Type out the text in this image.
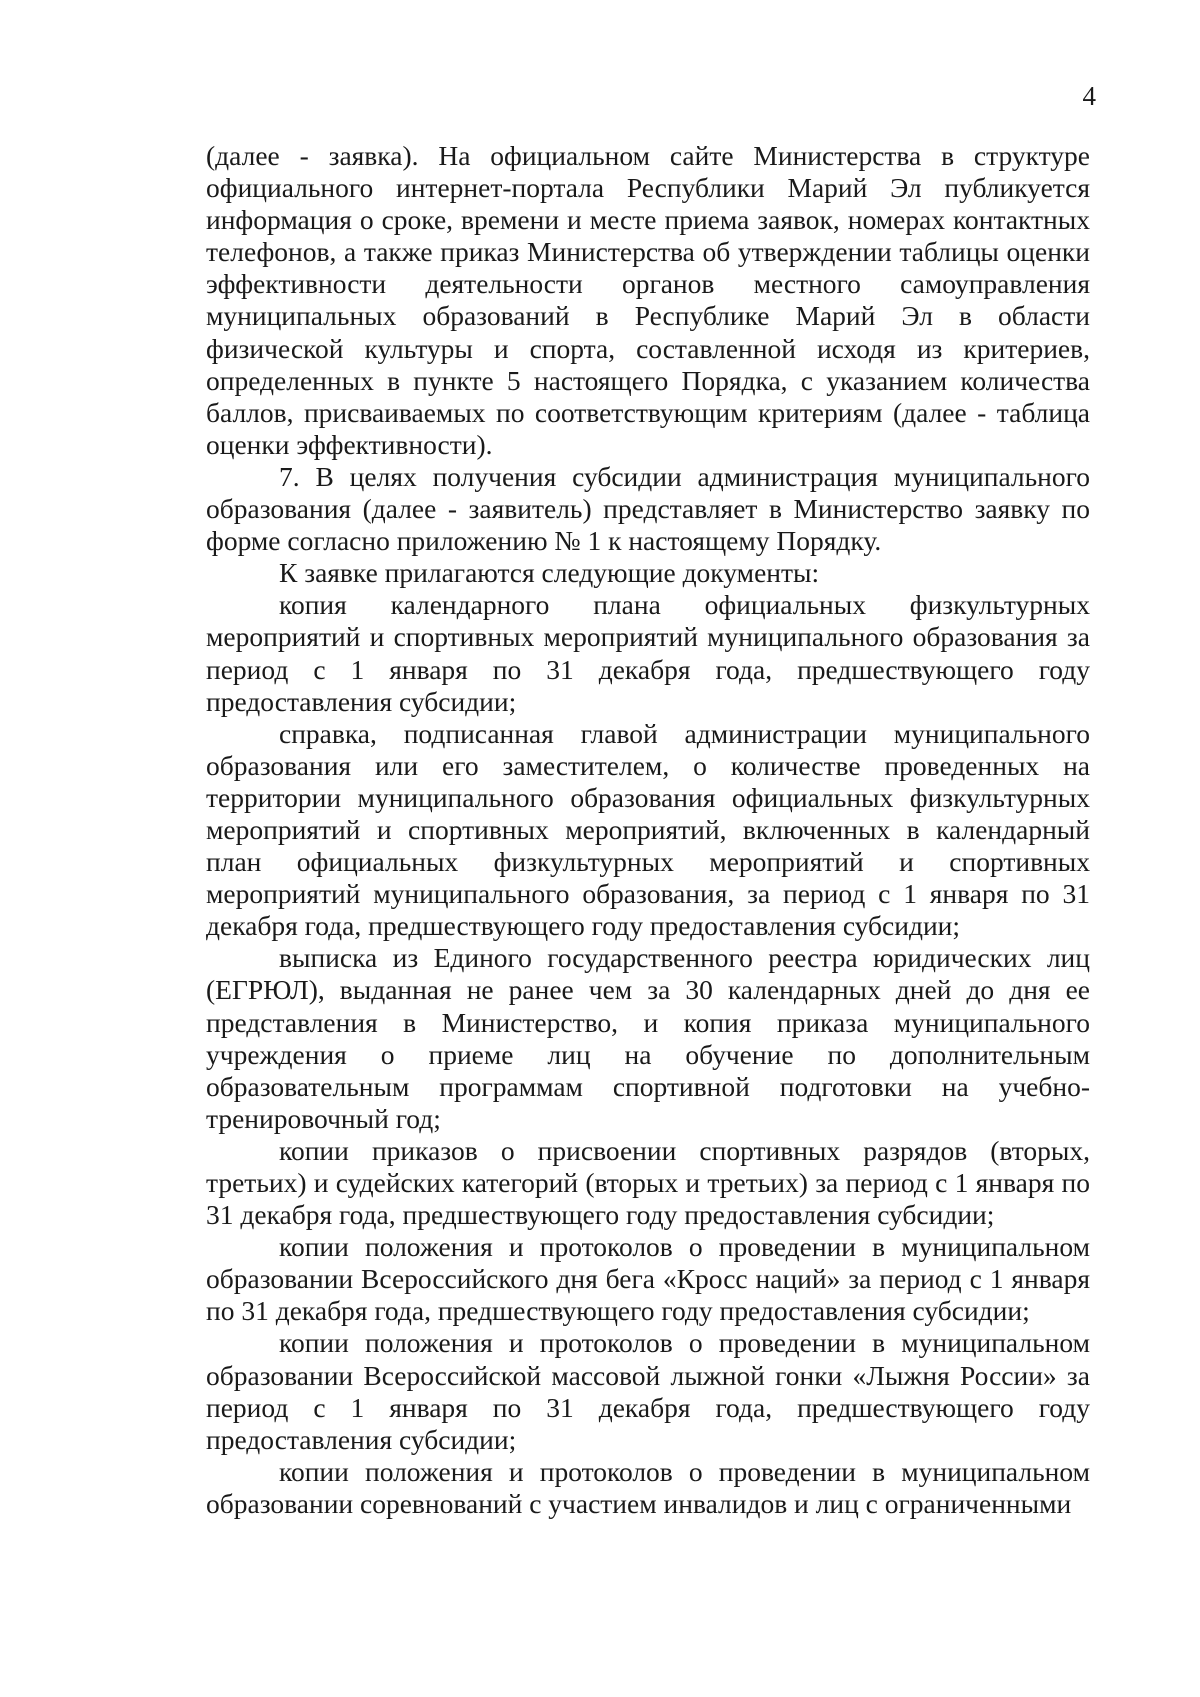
4

(далее - заявка). На официальном сайте Министерства в структуре официального интернет-портала Республики Марий Эл публикуется информация о сроке, времени и месте приема заявок, номерах контактных телефонов, а также приказ Министерства об утверждении таблицы оценки эффективности деятельности органов местного самоуправления муниципальных образований в Республике Марий Эл в области физической культуры и спорта, составленной исходя из критериев, определенных в пункте 5 настоящего Порядка, с указанием количества баллов, присваиваемых по соответствующим критериям (далее - таблица оценки эффективности).

7. В целях получения субсидии администрация муниципального образования (далее - заявитель) представляет в Министерство заявку по форме согласно приложению № 1 к настоящему Порядку.

К заявке прилагаются следующие документы:

копия календарного плана официальных физкультурных мероприятий и спортивных мероприятий муниципального образования за период с 1 января по 31 декабря года, предшествующего году предоставления субсидии;

справка, подписанная главой администрации муниципального образования или его заместителем, о количестве проведенных на территории муниципального образования официальных физкультурных мероприятий и спортивных мероприятий, включенных в календарный план официальных физкультурных мероприятий и спортивных мероприятий муниципального образования, за период с 1 января по 31 декабря года, предшествующего году предоставления субсидии;

выписка из Единого государственного реестра юридических лиц (ЕГРЮЛ), выданная не ранее чем за 30 календарных дней до дня ее представления в Министерство, и копия приказа муниципального учреждения о приеме лиц на обучение по дополнительным образовательным программам спортивной подготовки на учебно-тренировочный год;

копии приказов о присвоении спортивных разрядов (вторых, третьих) и судейских категорий (вторых и третьих) за период с 1 января по 31 декабря года, предшествующего году предоставления субсидии;

копии положения и протоколов о проведении в муниципальном образовании Всероссийского дня бега «Кросс наций» за период с 1 января по 31 декабря года, предшествующего году предоставления субсидии;

копии положения и протоколов о проведении в муниципальном образовании Всероссийской массовой лыжной гонки «Лыжня России» за период с 1 января по 31 декабря года, предшествующего году предоставления субсидии;

копии положения и протоколов о проведении в муниципальном образовании соревнований с участием инвалидов и лиц с ограниченными
